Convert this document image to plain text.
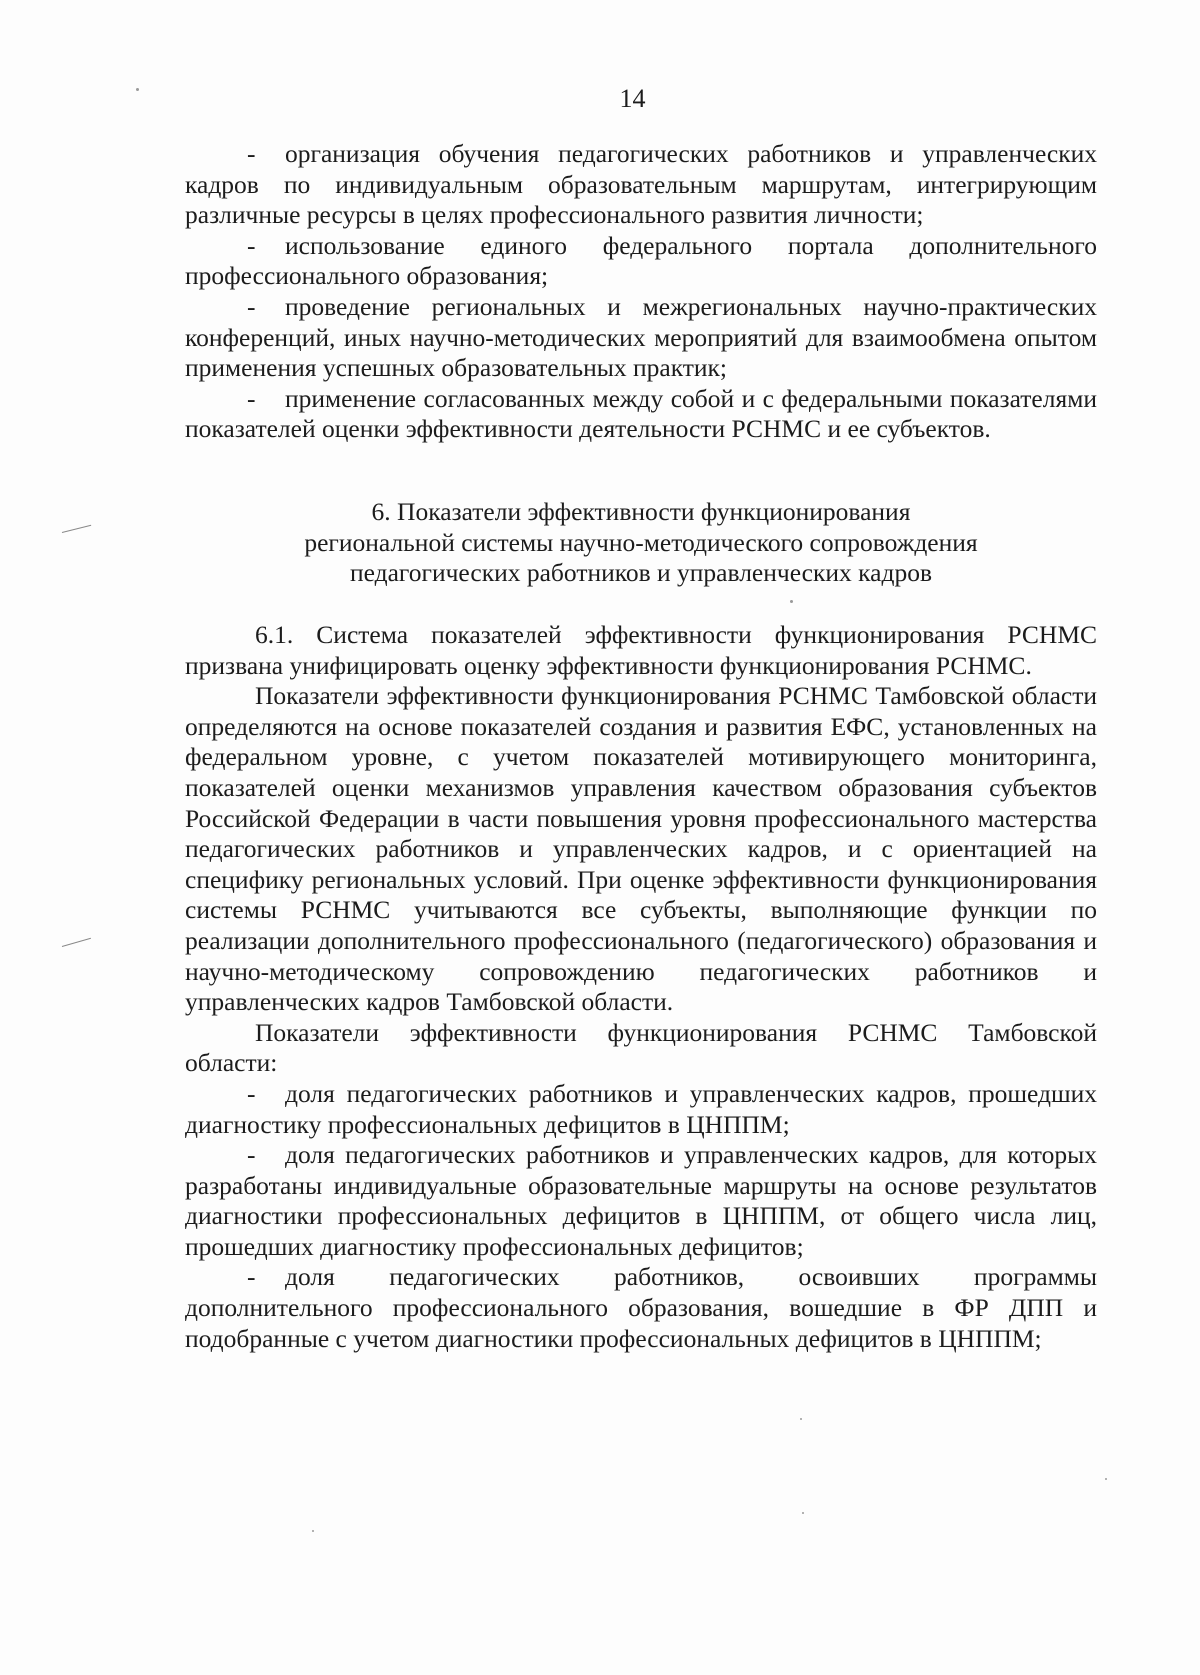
14

- организация обучения педагогических работников и управленческих кадров по индивидуальным образовательным маршрутам, интегрирующим различные ресурсы в целях профессионального развития личности;

- использование единого федерального портала дополнительного профессионального образования;

- проведение региональных и межрегиональных научно-практических конференций, иных научно-методических мероприятий для взаимообмена опытом применения успешных образовательных практик;

- применение согласованных между собой и с федеральными показателями показателей оценки эффективности деятельности РСНМС и ее субъектов.

6. Показатели эффективности функционирования
региональной системы научно-методического сопровождения
педагогических работников и управленческих кадров

6.1. Система показателей эффективности функционирования РСНМС призвана унифицировать оценку эффективности функционирования РСНМС.

Показатели эффективности функционирования РСНМС Тамбовской области определяются на основе показателей создания и развития ЕФС, установленных на федеральном уровне, с учетом показателей мотивирующего мониторинга, показателей оценки механизмов управления качеством образования субъектов Российской Федерации в части повышения уровня профессионального мастерства педагогических работников и управленческих кадров, и с ориентацией на специфику региональных условий. При оценке эффективности функционирования системы РСНМС учитываются все субъекты, выполняющие функции по реализации дополнительного профессионального (педагогического) образования и научно-методическому сопровождению педагогических работников и управленческих кадров Тамбовской области.

Показатели эффективности функционирования РСНМС Тамбовской области:

- доля педагогических работников и управленческих кадров, прошедших диагностику профессиональных дефицитов в ЦНППМ;

- доля педагогических работников и управленческих кадров, для которых разработаны индивидуальные образовательные маршруты на основе результатов диагностики профессиональных дефицитов в ЦНППМ, от общего числа лиц, прошедших диагностику профессиональных дефицитов;

- доля педагогических работников, освоивших программы дополнительного профессионального образования, вошедшие в ФР ДПП и подобранные с учетом диагностики профессиональных дефицитов в ЦНППМ;
